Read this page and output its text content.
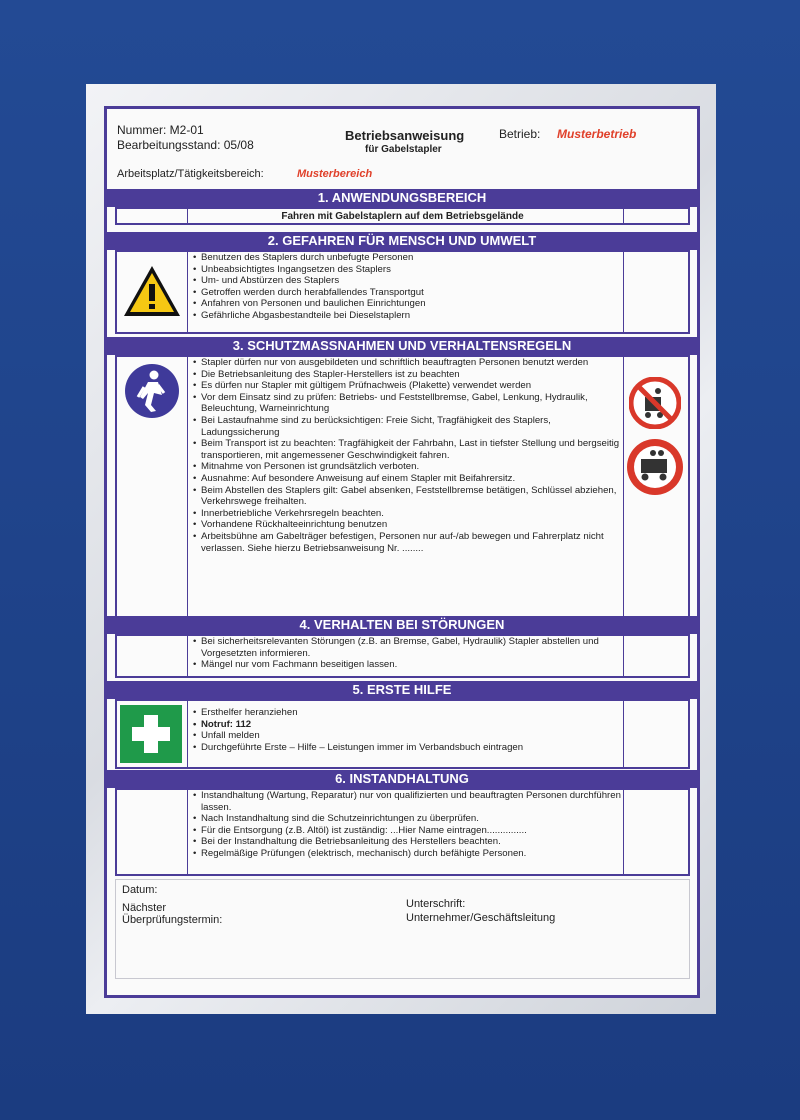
Nummer: M2-01
Bearbeitungsstand: 05/08
Betriebsanweisung
für Gabelstapler
Betrieb: Musterbetrieb
Arbeitsplatz/Tätigkeitsbereich:	Musterbereich
1. ANWENDUNGSBEREICH
Fahren mit Gabelstaplern auf dem Betriebsgelände
2. GEFAHREN FÜR MENSCH UND UMWELT
• Benutzen des Staplers durch unbefugte Personen
• Unbeabsichtigtes Ingangsetzen des Staplers
• Um- und Abstürzen des Staplers
• Getroffen werden durch herabfallendes Transportgut
• Anfahren von Personen und baulichen Einrichtungen
• Gefährliche Abgasbestandteile bei Dieselstaplern
3. SCHUTZMASSNAHMEN UND VERHALTENSREGELN
• Stapler dürfen nur von ausgebildeten und schriftlich beauftragten Personen benutzt werden
• Die Betriebsanleitung des Stapler-Herstellers ist zu beachten
• Es dürfen nur Stapler mit gültigem Prüfnachweis (Plakette) verwendet werden
• Vor dem Einsatz sind zu prüfen: Betriebs- und Feststellbremse, Gabel, Lenkung, Hydraulik, Beleuchtung, Warneinrichtung
• Bei Lastaufnahme sind zu berücksichtigen: Freie Sicht, Tragfähigkeit des Staplers, Ladungssicherung
• Beim Transport ist zu beachten: Tragfähigkeit der Fahrbahn, Last in tiefster Stellung und bergseitig transportieren, mit angemessener Geschwindigkeit fahren.
• Mitnahme von Personen ist grundsätzlich verboten.
• Ausnahme: Auf besondere Anweisung auf einem Stapler mit Beifahrersitz.
• Beim Abstellen des Staplers gilt: Gabel absenken, Feststellbremse betätigen, Schlüssel abziehen, Verkehrswege freihalten.
• Innerbetriebliche Verkehrsregeln beachten.
• Vorhandene Rückhalteeinrichtung benutzen
• Arbeitsbühne am Gabelträger befestigen, Personen nur auf-/ab bewegen und Fahrerplatz nicht verlassen. Siehe hierzu Betriebsanweisung Nr. ........
4. VERHALTEN BEI STÖRUNGEN
• Bei sicherheitsrelevanten Störungen (z.B. an Bremse, Gabel, Hydraulik) Stapler abstellen und Vorgesetzten informieren.
• Mängel nur vom Fachmann beseitigen lassen.
5. ERSTE HILFE
• Ersthelfer heranziehen
• Notruf: 112
• Unfall melden
• Durchgeführte Erste – Hilfe – Leistungen immer im Verbandsbuch eintragen
6. INSTANDHALTUNG
• Instandhaltung (Wartung, Reparatur) nur von qualifizierten und beauftragten Personen durchführen lassen.
• Nach Instandhaltung sind die Schutzeinrichtungen zu überprüfen.
• Für die Entsorgung (z.B. Altöl) ist zuständig: ...Hier Name eintragen...............
• Bei der Instandhaltung die Betriebsanleitung des Herstellers beachten.
• Regelmäßige Prüfungen (elektrisch, mechanisch) durch befähigte Personen.
Datum:
Nächster
Überprüfungstermin:
Unterschrift:
Unternehmer/Geschäftsleitung
